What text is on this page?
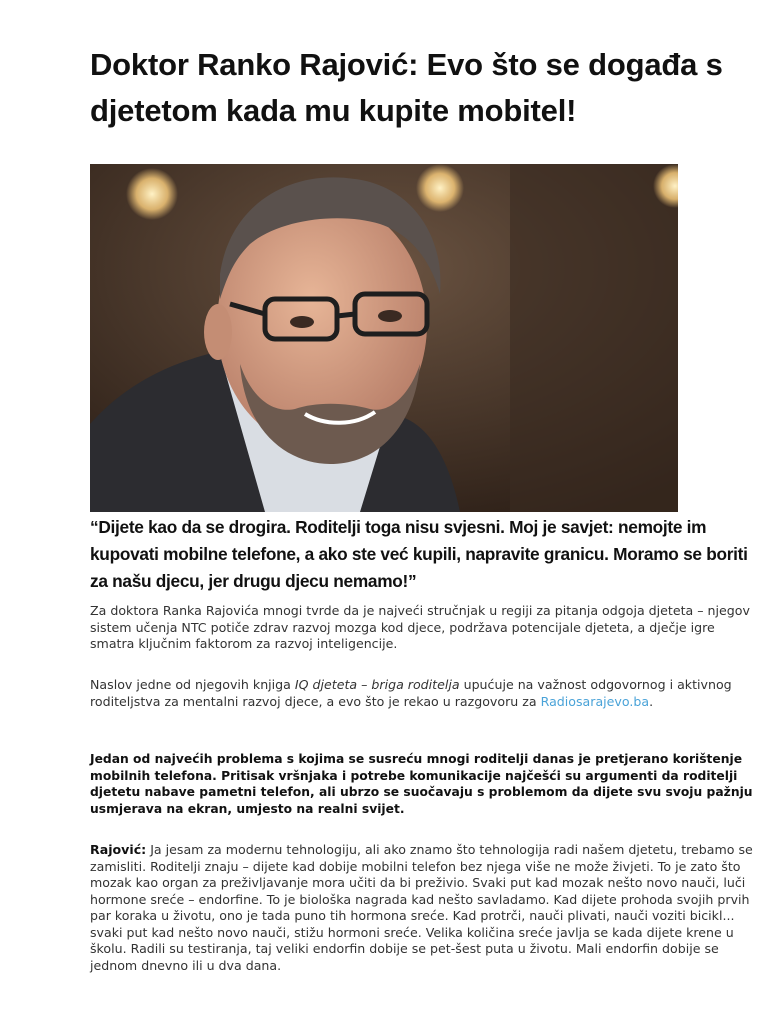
Doktor Ranko Rajović: Evo što se događa s djetetom kada mu kupite mobitel!

“Dijete kao da se drogira. Roditelji toga nisu svjesni. Moj je savjet: nemojte im kupovati mobilne telefone, a ako ste već kupili, napravite granicu. Moramo se boriti za našu djecu, jer drugu djecu nemamo!”

Za doktora Ranka Rajovića mnogi tvrde da je najveći stručnjak u regiji za pitanja odgoja djeteta – njegov sistem učenja NTC potiče zdrav razvoj mozga kod djece, podržava potencijale djeteta, a dječje igre smatra ključnim faktorom za razvoj inteligencije.

Naslov jedne od njegovih knjiga IQ djeteta – briga roditelja upućuje na važnost odgovornog i aktivnog roditeljstva za mentalni razvoj djece, a evo što je rekao u razgovoru za Radiosarajevo.ba.

Jedan od najvećih problema s kojima se susreću mnogi roditelji danas je pretjerano korištenje mobilnih telefona. Pritisak vršnjaka i potrebe komunikacije najčešći su argumenti da roditelji djetetu nabave pametni telefon, ali ubrzo se suočavaju s problemom da dijete svu svoju pažnju usmjerava na ekran, umjesto na realni svijet.

Rajović: Ja jesam za modernu tehnologiju, ali ako znamo što tehnologija radi našem djetetu, trebamo se zamisliti. Roditelji znaju – dijete kad dobije mobilni telefon bez njega više ne može živjeti. To je zato što mozak kao organ za preživljavanje mora učiti da bi preživio. Svaki put kad mozak nešto novo nauči, luči hormone sreće – endorfine. To je biološka nagrada kad nešto savladamo. Kad dijete prohoda svojih prvih par koraka u životu, ono je tada puno tih hormona sreće. Kad protrči, nauči plivati, nauči voziti bicikl... svaki put kad nešto novo nauči, stižu hormoni sreće. Velika količina sreće javlja se kada dijete krene u školu. Radili su testiranja, taj veliki endorfin dobije se pet-šest puta u životu. Mali endorfin dobije se jednom dnevno ili u dva dana.
